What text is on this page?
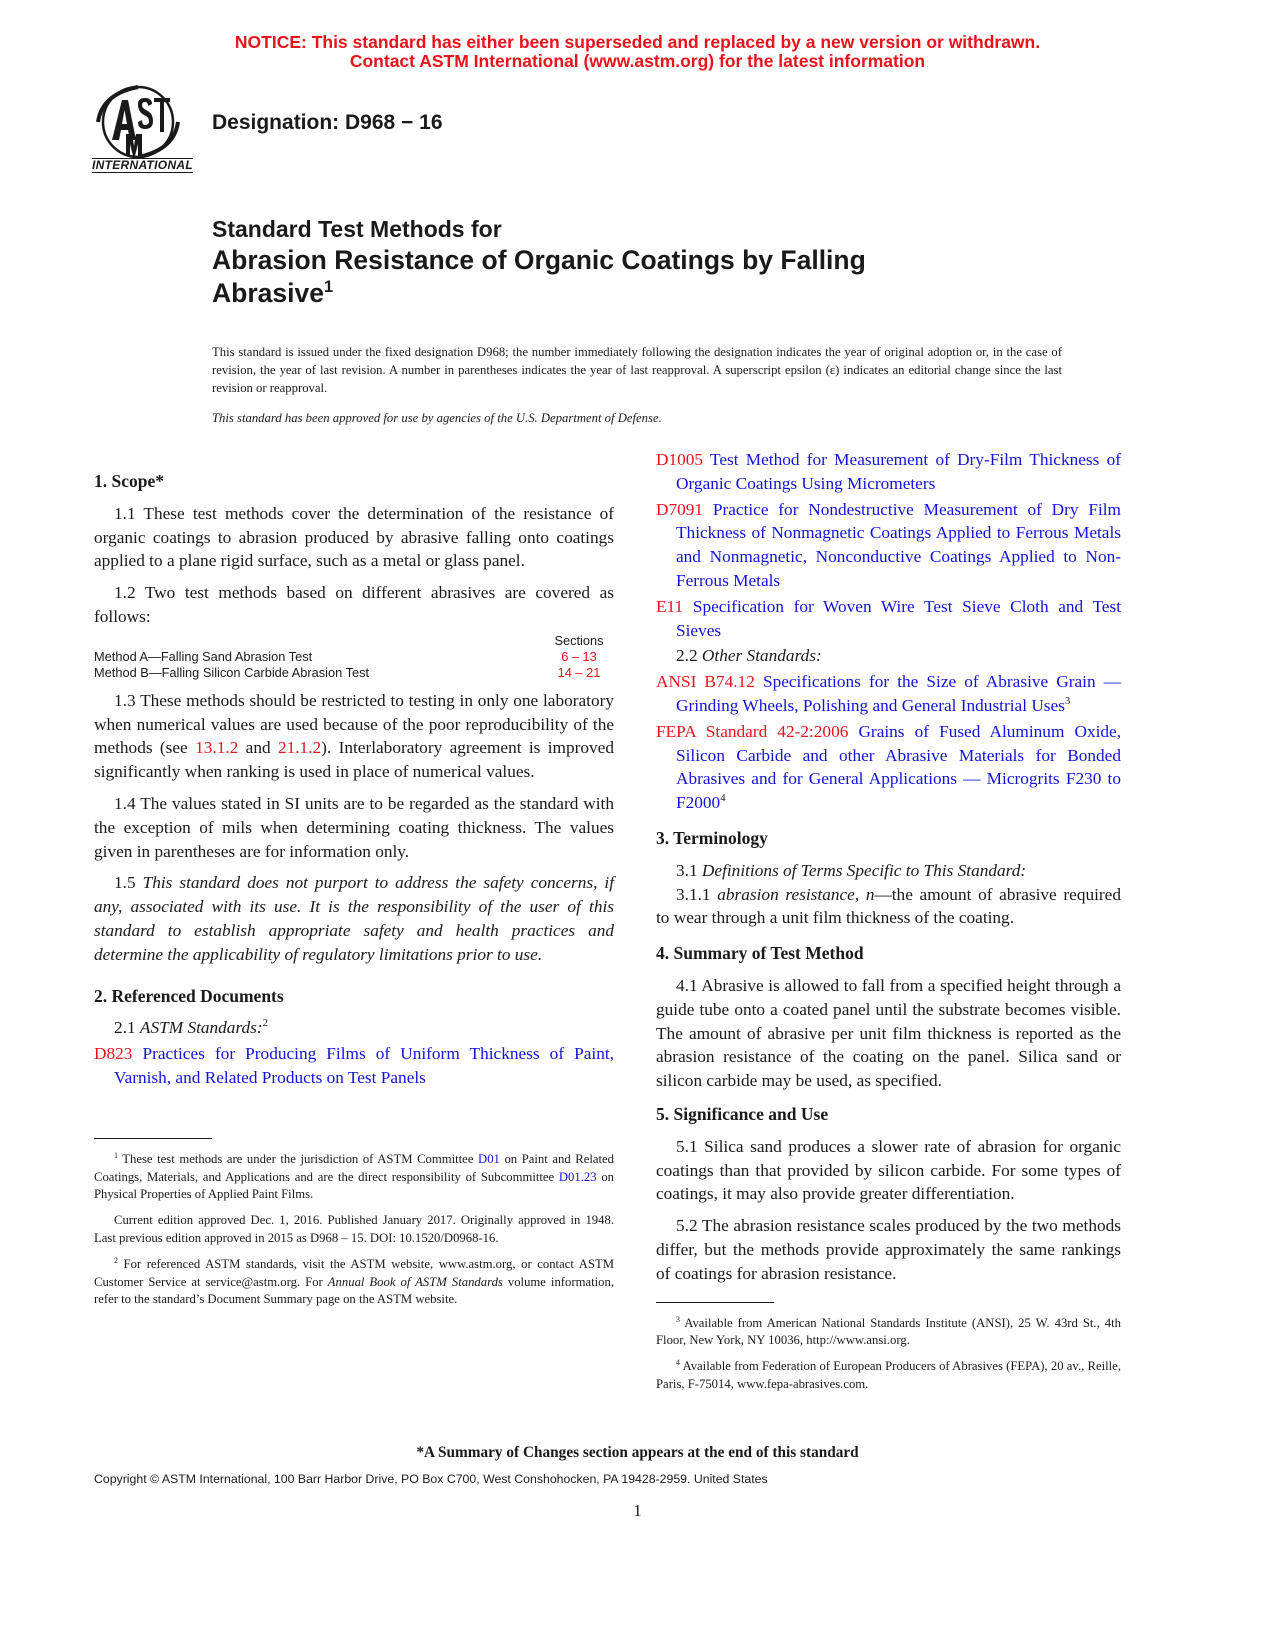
NOTICE: This standard has either been superseded and replaced by a new version or withdrawn.
Contact ASTM International (www.astm.org) for the latest information
INTERNATIONAL
Designation: D968 − 16
Standard Test Methods for
Abrasion Resistance of Organic Coatings by Falling
Abrasive$^1$
This standard is issued under the fixed designation D968; the number immediately following the designation indicates the year of original adoption or, in the case of revision, the year of last revision. A number in parentheses indicates the year of last reapproval. A superscript epsilon (ε) indicates an editorial change since the last revision or reapproval.
This standard has been approved for use by agencies of the U.S. Department of Defense.
1. Scope*

1.1 These test methods cover the determination of the resistance of organic coatings to abrasion produced by abrasive falling onto coatings applied to a plane rigid surface, such as a metal or glass panel.

1.2 Two test methods based on different abrasives are covered as follows:

Sections
Method A—Falling Sand Abrasion Test	6 – 13
Method B—Falling Silicon Carbide Abrasion Test	14 – 21

1.3 These methods should be restricted to testing in only one laboratory when numerical values are used because of the poor reproducibility of the methods (see 13.1.2 and 21.1.2). Interlaboratory agreement is improved significantly when ranking is used in place of numerical values.

1.4 The values stated in SI units are to be regarded as the standard with the exception of mils when determining coating thickness. The values given in parentheses are for information only.

1.5 This standard does not purport to address the safety concerns, if any, associated with its use. It is the responsibility of the user of this standard to establish appropriate safety and health practices and determine the applicability of regulatory limitations prior to use.

2. Referenced Documents

2.1 ASTM Standards:$^2$

D823 Practices for Producing Films of Uniform Thickness of Paint, Varnish, and Related Products on Test Panels

$^1$ These test methods are under the jurisdiction of ASTM Committee D01 on Paint and Related Coatings, Materials, and Applications and are the direct responsibility of Subcommittee D01.23 on Physical Properties of Applied Paint Films.

Current edition approved Dec. 1, 2016. Published January 2017. Originally approved in 1948. Last previous edition approved in 2015 as D968 – 15. DOI: 10.1520/D0968-16.

$^2$ For referenced ASTM standards, visit the ASTM website, www.astm.org, or contact ASTM Customer Service at service@astm.org. For Annual Book of ASTM Standards volume information, refer to the standard’s Document Summary page on the ASTM website.

D1005 Test Method for Measurement of Dry-Film Thickness of Organic Coatings Using Micrometers
D7091 Practice for Nondestructive Measurement of Dry Film Thickness of Nonmagnetic Coatings Applied to Ferrous Metals and Nonmagnetic, Nonconductive Coatings Applied to Non-Ferrous Metals
E11 Specification for Woven Wire Test Sieve Cloth and Test Sieves

2.2 Other Standards:

ANSI B74.12 Specifications for the Size of Abrasive Grain — Grinding Wheels, Polishing and General Industrial Uses$^3$
FEPA Standard 42-2:2006 Grains of Fused Aluminum Oxide, Silicon Carbide and other Abrasive Materials for Bonded Abrasives and for General Applications — Microgrits F230 to F2000$^4$
3. Terminology

3.1 Definitions of Terms Specific to This Standard:

3.1.1 abrasion resistance, n—the amount of abrasive required to wear through a unit film thickness of the coating.

4. Summary of Test Method

4.1 Abrasive is allowed to fall from a specified height through a guide tube onto a coated panel until the substrate becomes visible. The amount of abrasive per unit film thickness is reported as the abrasion resistance of the coating on the panel. Silica sand or silicon carbide may be used, as specified.

5. Significance and Use

5.1 Silica sand produces a slower rate of abrasion for organic coatings than that provided by silicon carbide. For some types of coatings, it may also provide greater differentiation.

5.2 The abrasion resistance scales produced by the two methods differ, but the methods provide approximately the same rankings of coatings for abrasion resistance.

$^3$ Available from American National Standards Institute (ANSI), 25 W. 43rd St., 4th Floor, New York, NY 10036, http://www.ansi.org.

$^4$ Available from Federation of European Producers of Abrasives (FEPA), 20 av., Reille, Paris, F-75014, www.fepa-abrasives.com.

*A Summary of Changes section appears at the end of this standard
Copyright © ASTM International, 100 Barr Harbor Drive, PO Box C700, West Conshohocken, PA 19428-2959. United States
1
